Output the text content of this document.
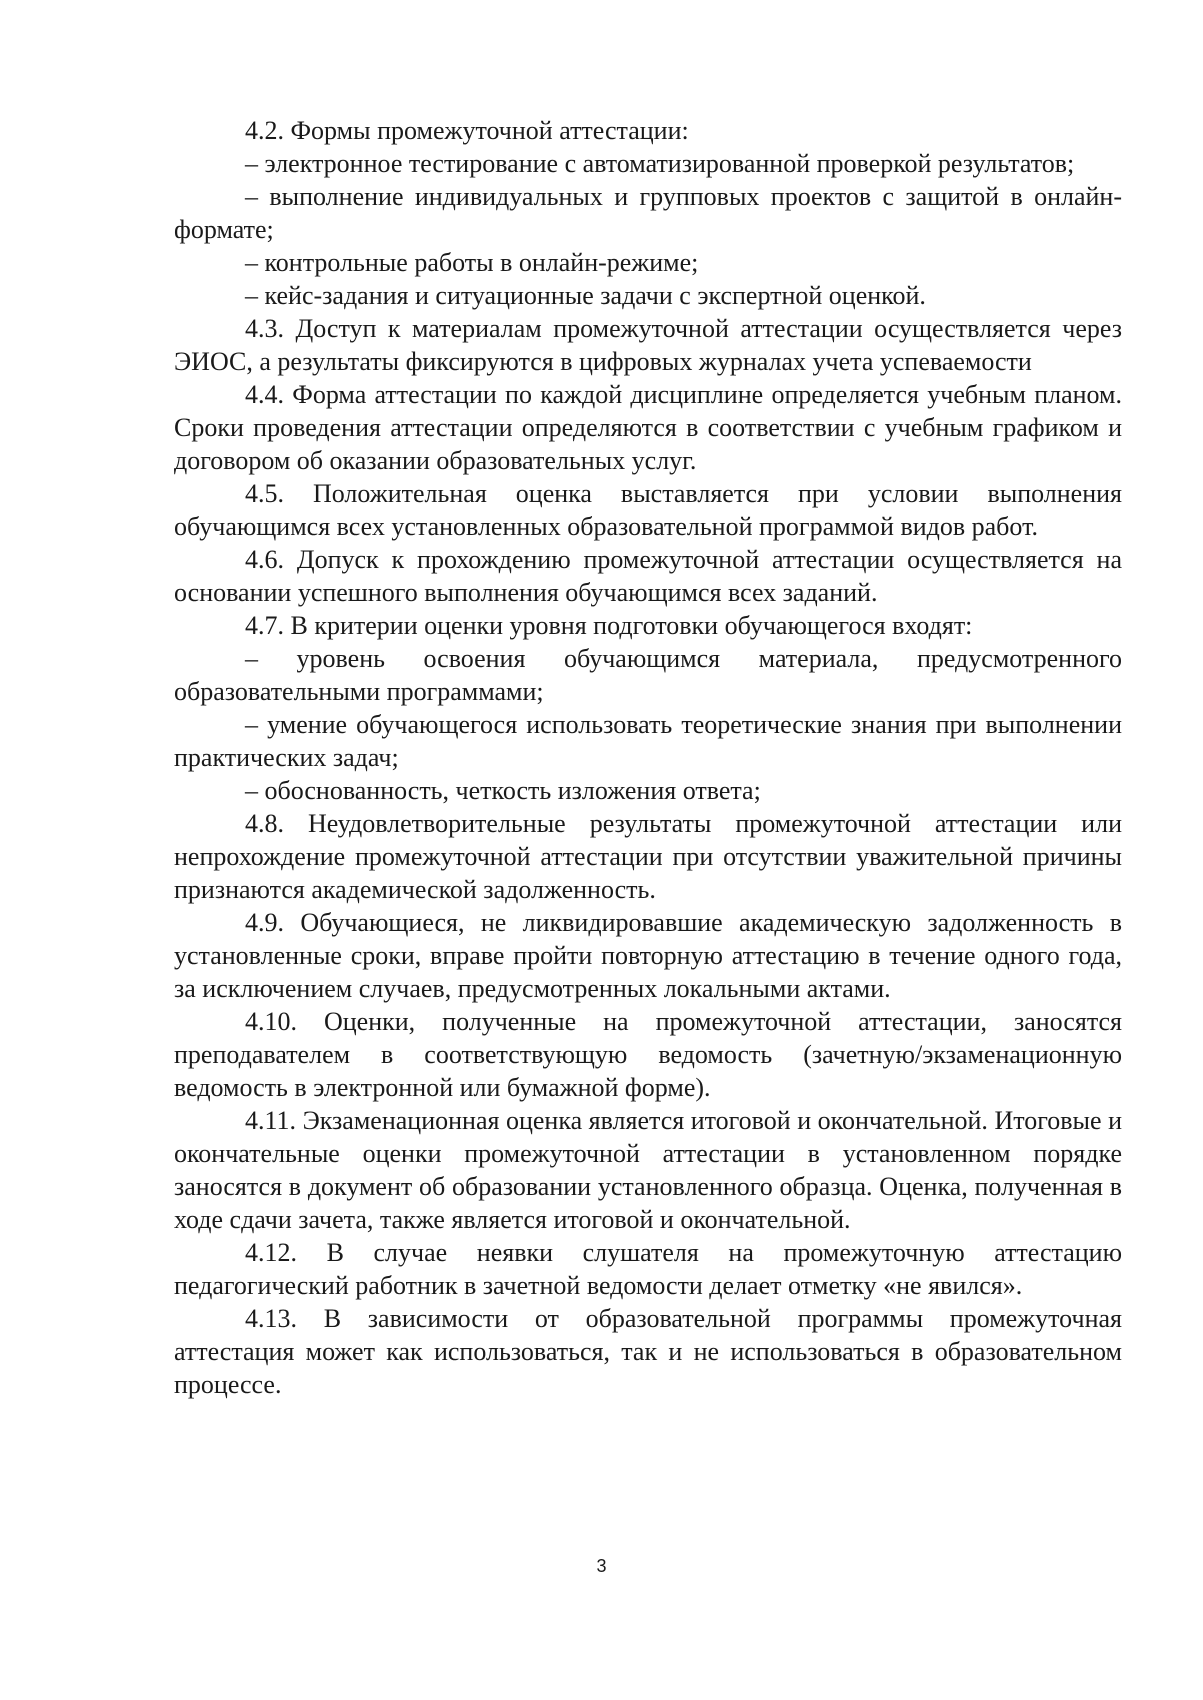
4.2. Формы промежуточной аттестации:

– электронное тестирование с автоматизированной проверкой результатов;

– выполнение индивидуальных и групповых проектов с защитой в онлайн-формате;

– контрольные работы в онлайн-режиме;

– кейс-задания и ситуационные задачи с экспертной оценкой.

4.3. Доступ к материалам промежуточной аттестации осуществляется через ЭИОС, а результаты фиксируются в цифровых журналах учета успеваемости

4.4. Форма аттестации по каждой дисциплине определяется учебным планом. Сроки проведения аттестации определяются в соответствии с учебным графиком и договором об оказании образовательных услуг.

4.5. Положительная оценка выставляется при условии выполнения обучающимся всех установленных образовательной программой видов работ.

4.6. Допуск к прохождению промежуточной аттестации осуществляется на основании успешного выполнения обучающимся всех заданий.

4.7. В критерии оценки уровня подготовки обучающегося входят:

– уровень освоения обучающимся материала, предусмотренного образовательными программами;

– умение обучающегося использовать теоретические знания при выполнении практических задач;

– обоснованность, четкость изложения ответа;

4.8. Неудовлетворительные результаты промежуточной аттестации или непрохождение промежуточной аттестации при отсутствии уважительной причины признаются академической задолженность.

4.9. Обучающиеся, не ликвидировавшие академическую задолженность в установленные сроки, вправе пройти повторную аттестацию в течение одного года, за исключением случаев, предусмотренных локальными актами.

4.10. Оценки, полученные на промежуточной аттестации, заносятся преподавателем в соответствующую ведомость (зачетную/экзаменационную ведомость в электронной или бумажной форме).

4.11. Экзаменационная оценка является итоговой и окончательной. Итоговые и окончательные оценки промежуточной аттестации в установленном порядке заносятся в документ об образовании установленного образца. Оценка, полученная в ходе сдачи зачета, также является итоговой и окончательной.

4.12. В случае неявки слушателя на промежуточную аттестацию педагогический работник в зачетной ведомости делает отметку «не явился».

4.13. В зависимости от образовательной программы промежуточная аттестация может как использоваться, так и не использоваться в образовательном процессе.

3
